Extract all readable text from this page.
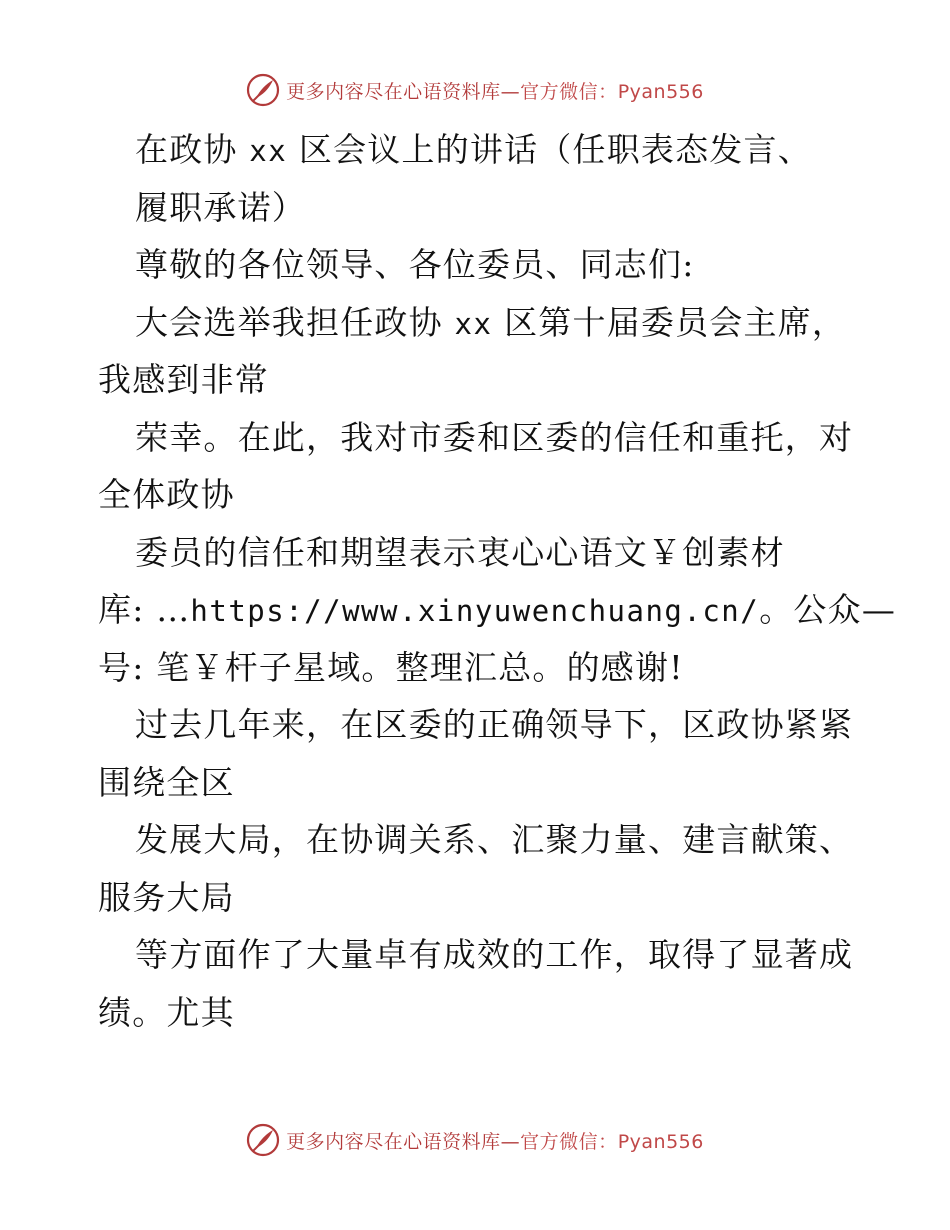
更多内容尽在心语资料库—官方微信：Pyan556
在政协 xx 区会议上的讲话（任职表态发言、
履职承诺）
尊敬的各位领导、各位委员、同志们:
大会选举我担任政协 xx 区第十届委员会主席，
我感到非常
荣幸。在此，我对市委和区委的信任和重托，对
全体政协
委员的信任和期望表示衷心心语文￥创素材
库: …https://www.xinyuwenchuang.cn/。公众—
号: 笔￥杆子星域。整理汇总。的感谢!
过去几年来，在区委的正确领导下，区政协紧紧
围绕全区
发展大局，在协调关系、汇聚力量、建言献策、
服务大局
等方面作了大量卓有成效的工作，取得了显著成
绩。尤其
更多内容尽在心语资料库—官方微信：Pyan556
